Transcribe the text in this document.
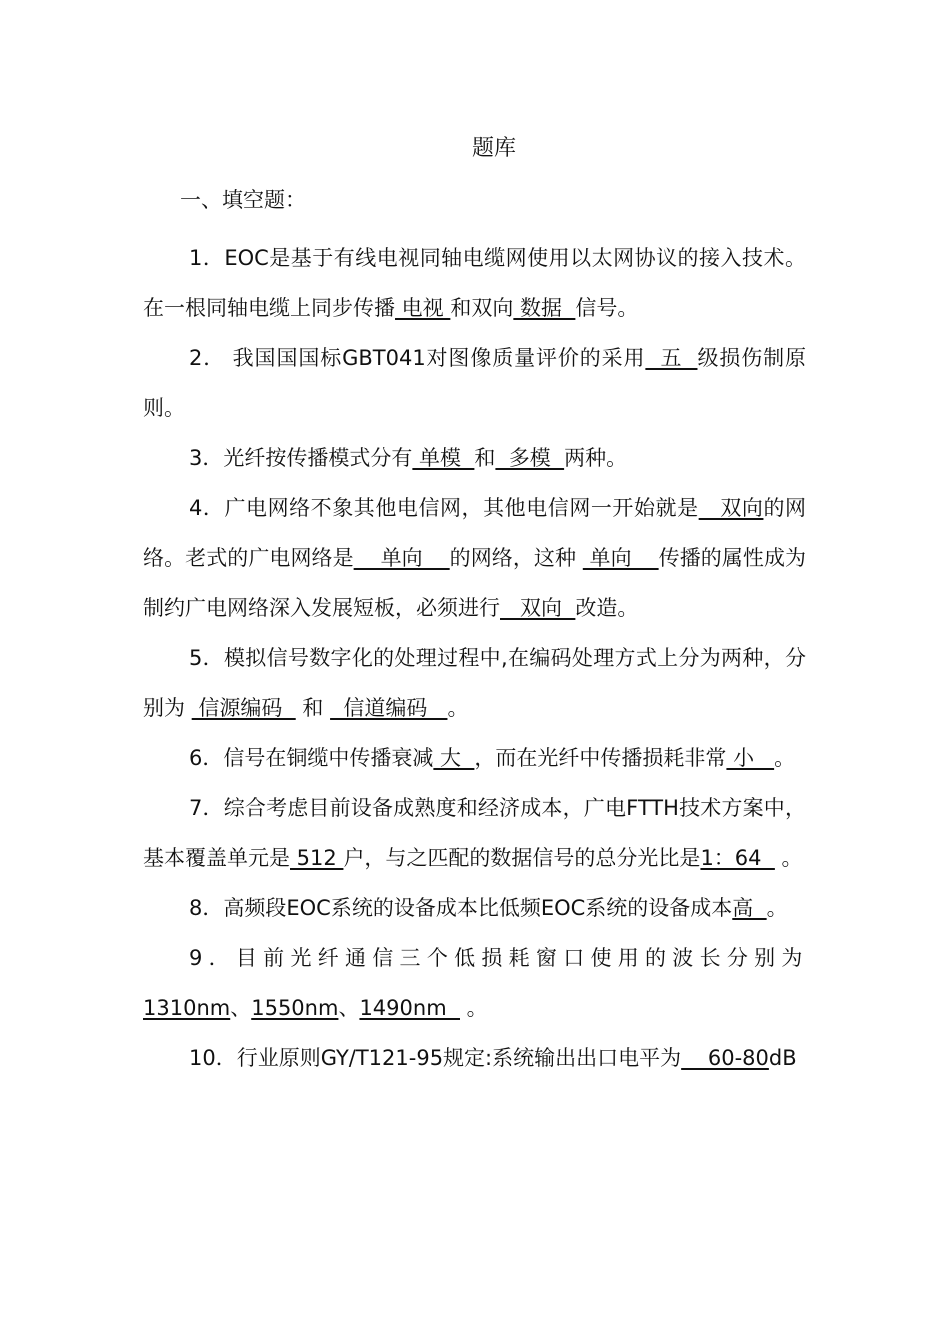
题库
一、填空题：

1．EOC是基于有线电视同轴电缆网使用以太网协议的接入技术。在一根同轴电缆上同步传播 电视 和双向 数据  信号。

2． 我国国国标GBT041对图像质量评价的采用  五  级损伤制原则。

3．光纤按传播模式分有 单模  和  多模  两种。

4．广电网络不象其他电信网，其他电信网一开始就是   双向的网络。老式的广电网络是    单向    的网络，这种  单向    传播的属性成为制约广电网络深入发展短板，必须进行   双向  改造。

5．模拟信号数字化的处理过程中,在编码处理方式上分为两种，分别为  信源编码   和   信道编码   。

6．信号在铜缆中传播衰减 大  ，而在光纤中传播损耗非常 小   。

7．综合考虑目前设备成熟度和经济成本，广电FTTH技术方案中，基本覆盖单元是 512 户，与之匹配的数据信号的总分光比是1：64   。

8．高频段EOC系统的设备成本比低频EOC系统的设备成本高  。

9．目前光纤通信三个低损耗窗口使用的波长分别为1310nm、1550nm、1490nm   。

10．行业原则GY/T121-95规定:系统输出出口电平为    60-80dB
